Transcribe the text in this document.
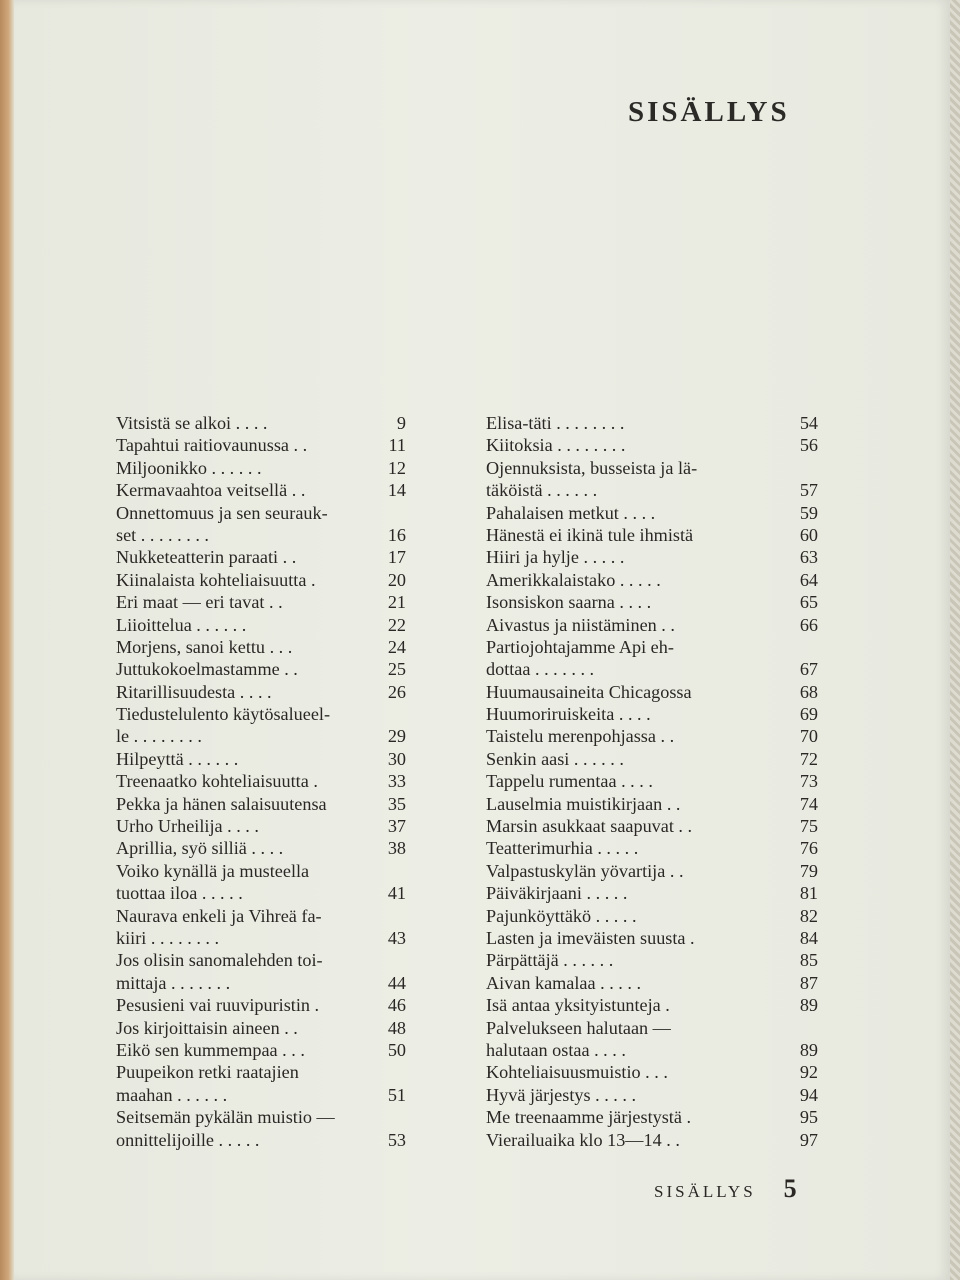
SISÄLLYS
Vitsistä se alkoi . . . .	9
Tapahtui raitiovaunussa . .	11
Miljoonikko . . . . . .	12
Kermavaahtoa veitsellä . .	14
Onnettomuus ja sen seurauk-
set . . . . . . . .	16
Nukketeatterin paraati . .	17
Kiinalaista kohteliaisuutta .	20
Eri maat — eri tavat . .	21
Liioittelua . . . . . .	22
Morjens, sanoi kettu . . .	24
Juttukokoelmastamme . .	25
Ritarillisuudesta . . . .	26
Tiedustelulento käytösalueel-
le . . . . . . . .	29
Hilpeyttä . . . . . .	30
Treenaatko kohteliaisuutta .	33
Pekka ja hänen salaisuutensa	35
Urho Urheilija . . . .	37
Aprillia, syö silliä . . . .	38
Voiko kynällä ja musteella
tuottaa iloa . . . . .	41
Naurava enkeli ja Vihreä fa-
kiiri . . . . . . . .	43
Jos olisin sanomalehden toi-
mittaja . . . . . . .	44
Pesusieni vai ruuvipuristin .	46
Jos kirjoittaisin aineen . .	48
Eikö sen kummempaa . . .	50
Puupeikon retki raatajien
maahan . . . . . .	51
Seitsemän pykälän muistio —
onnittelijoille . . . . .	53
Elisa-täti . . . . . . . .	54
Kiitoksia . . . . . . . .	56
Ojennuksista, busseista ja lä-
täköistä . . . . . .	57
Pahalaisen metkut . . . .	59
Hänestä ei ikinä tule ihmistä	60
Hiiri ja hylje . . . . .	63
Amerikkalaistako . . . . .	64
Isonsiskon saarna . . . .	65
Aivastus ja niistäminen . .	66
Partiojohtajamme Api eh-
dottaa . . . . . . .	67
Huumausaineita Chicagossa	68
Huumoriruiskeita . . . .	69
Taistelu merenpohjassa . .	70
Senkin aasi . . . . . .	72
Tappelu rumentaa . . . .	73
Lauselmia muistikirjaan . .	74
Marsin asukkaat saapuvat . .	75
Teatterimurhia . . . . .	76
Valpastuskylän yövartija . .	79
Päiväkirjaani . . . . .	81
Pajunköyttäkö . . . . .	82
Lasten ja imeväisten suusta .	84
Pärpättäjä . . . . . .	85
Aivan kamalaa . . . . .	87
Isä antaa yksityistunteja .	89
Palvelukseen halutaan —
halutaan ostaa . . . .	89
Kohteliaisuusmuistio . . .	92
Hyvä järjestys . . . . .	94
Me treenaamme järjestystä .	95
Vierailuaika klo 13—14 . .	97
SISÄLLYS 5
